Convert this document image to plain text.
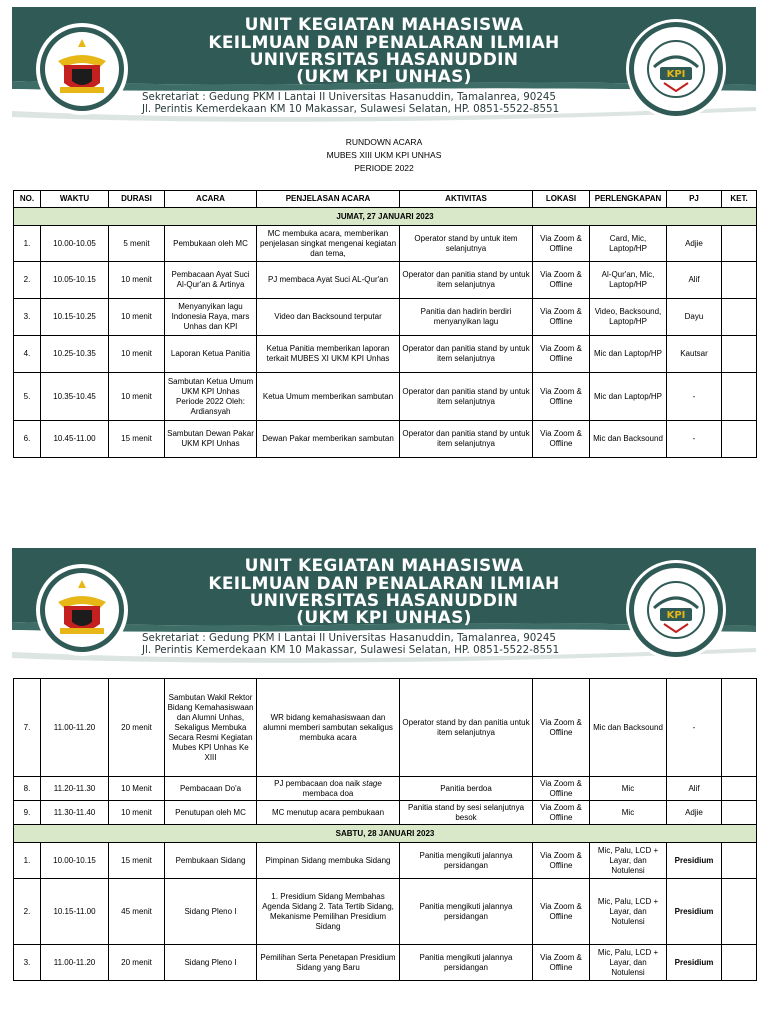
UNIT KEGIATAN MAHASISWA
KEILMUAN DAN PENALARAN ILMIAH
UNIVERSITAS HASANUDDIN
(UKM KPI UNHAS)
Sekretariat : Gedung PKM I Lantai II Universitas Hasanuddin, Tamalanrea, 90245
Jl. Perintis Kemerdekaan KM 10 Makassar, Sulawesi Selatan, HP. 0851-5522-8551
KPI
RUNDOWN ACARA
MUBES XIII UKM KPI UNHAS
PERIODE 2022
NO.	WAKTU	DURASI	ACARA	PENJELASAN ACARA	AKTIVITAS	LOKASI	PERLENGKAPAN	PJ	KET.
JUMAT, 27 JANUARI 2023									
1.	10.00-10.05	5 menit	Pembukaan oleh MC	MC membuka acara, memberikan penjelasan singkat mengenai kegiatan dan tema,	Operator stand by untuk item selanjutnya	Via Zoom & Offline	Card, Mic, Laptop/HP	Adjie	
2.	10.05-10.15	10 menit	Pembacaan Ayat Suci Al-Qur'an & Artinya	PJ membaca Ayat Suci AL-Qur'an	Operator dan panitia stand by untuk item selanjutnya	Via Zoom & Offline	Al-Qur'an, Mic, Laptop/HP	Alif	
3.	10.15-10.25	10 menit	Menyanyikan lagu Indonesia Raya, mars Unhas dan KPI	Video dan Backsound terputar	Panitia dan hadirin berdiri menyanyikan lagu	Via Zoom & Offline	Video, Backsound, Laptop/HP	Dayu	
4.	10.25-10.35	10 menit	Laporan Ketua Panitia	Ketua Panitia memberikan laporan terkait MUBES XI UKM KPI Unhas	Operator dan panitia stand by untuk item selanjutnya	Via Zoom & Offline	Mic dan Laptop/HP	Kautsar	
5.	10.35-10.45	10 menit	Sambutan Ketua Umum UKM KPI Unhas Periode 2022 Oleh: Ardiansyah	Ketua Umum memberikan sambutan	Operator dan panitia stand by untuk item selanjutnya	Via Zoom & Offline	Mic dan Laptop/HP	-	
6.	10.45-11.00	15 menit	Sambutan Dewan Pakar UKM KPI Unhas	Dewan Pakar memberikan sambutan	Operator dan panitia stand by untuk item selanjutnya	Via Zoom & Offline	Mic dan Backsound	-	
UNIT KEGIATAN MAHASISWA
KEILMUAN DAN PENALARAN ILMIAH
UNIVERSITAS HASANUDDIN
(UKM KPI UNHAS)
Sekretariat : Gedung PKM I Lantai II Universitas Hasanuddin, Tamalanrea, 90245
Jl. Perintis Kemerdekaan KM 10 Makassar, Sulawesi Selatan, HP. 0851-5522-8551
KPI
7.	11.00-11.20	20 menit	Sambutan Wakil Rektor Bidang Kemahasiswaan dan Alumni Unhas, Sekaligus Membuka Secara Resmi Kegiatan Mubes KPI Unhas Ke XIII	WR bidang kemahasiswaan dan alumni memberi sambutan sekaligus membuka acara	Operator stand by dan panitia untuk item selanjutnya	Via Zoom & Offline	Mic dan Backsound	-	
8.	11.20-11.30	10 Menit	Pembacaan Do'a	PJ pembacaan doa naik stage membaca doa	Panitia berdoa	Via Zoom & Offline	Mic	Alif	
9.	11.30-11.40	10 menit	Penutupan oleh MC	MC menutup acara pembukaan	Panitia stand by sesi selanjutnya besok	Via Zoom & Offline	Mic	Adjie	
SABTU, 28 JANUARI 2023									
1.	10.00-10.15	15 menit	Pembukaan Sidang	Pimpinan Sidang membuka Sidang	Panitia mengikuti jalannya persidangan	Via Zoom & Offline	Mic, Palu, LCD + Layar, dan Notulensi	Presidium	
2.	10.15-11.00	45 menit	Sidang Pleno I	1. Presidium Sidang Membahas Agenda Sidang 2. Tata Tertib Sidang, Mekanisme Pemilihan Presidium Sidang	Panitia mengikuti jalannya persidangan	Via Zoom & Offline	Mic, Palu, LCD + Layar, dan Notulensi	Presidium	
3.	11.00-11.20	20 menit	Sidang Pleno I	Pemilihan Serta Penetapan Presidium Sidang yang Baru	Panitia mengikuti jalannya persidangan	Via Zoom & Offline	Mic, Palu, LCD + Layar, dan Notulensi	Presidium	
